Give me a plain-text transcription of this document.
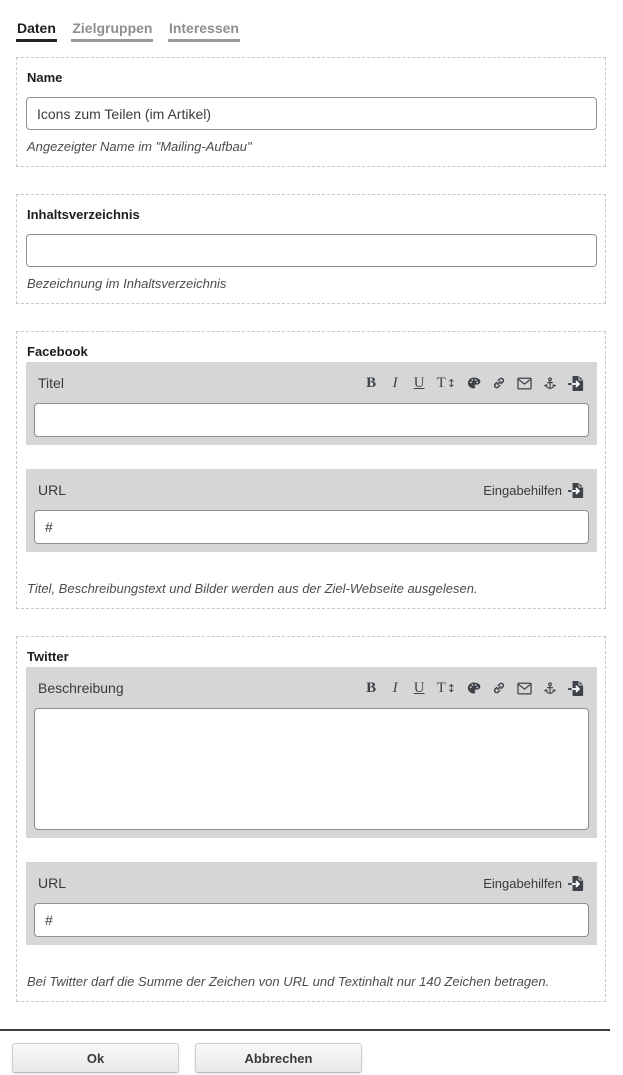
Daten Zielgruppen Interessen
Name
Icons zum Teilen (im Artikel)
Angezeigter Name im "Mailing-Aufbau"
Inhaltsverzeichnis
Bezeichnung im Inhaltsverzeichnis
Facebook
Titel	B I U T ↕
URL	Eingabehilfen
#
Titel, Beschreibungstext und Bilder werden aus der Ziel-Webseite ausgelesen.
Twitter
Beschreibung	B I U T ↕
URL	Eingabehilfen
#
Bei Twitter darf die Summe der Zeichen von URL und Textinhalt nur 140 Zeichen betragen.
Ok	Abbrechen
